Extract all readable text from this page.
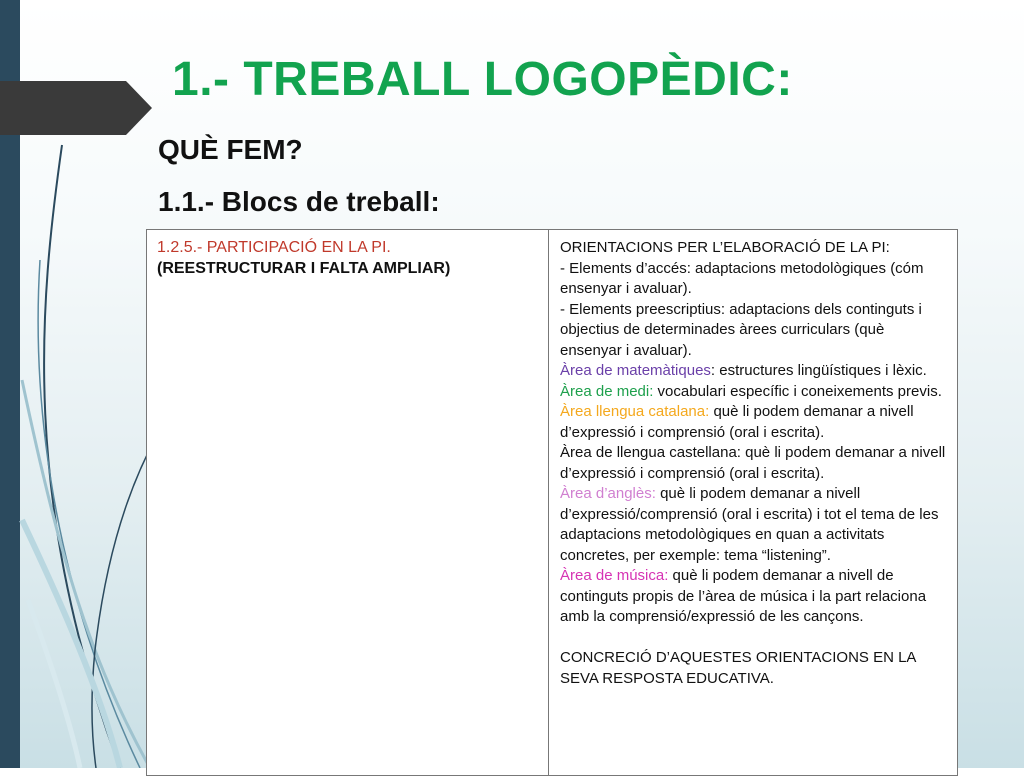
1.- TREBALL LOGOPÈDIC:
QUÈ FEM?
1.1.- Blocs de treball:
1.2.5.- PARTICIPACIÓ EN LA PI.
(REESTRUCTURAR I FALTA AMPLIAR)

ORIENTACIONS PER L’ELABORACIÓ DE LA PI:

- Elements d’accés: adaptacions metodològiques (cóm ensenyar i avaluar).

- Elements preescriptius: adaptacions dels continguts i objectius de determinades àrees curriculars (què ensenyar i avaluar).

Àrea de matemàtiques: estructures lingüístiques i lèxic.

Àrea de medi: vocabulari específic i coneixements previs.

Àrea llengua catalana: què li podem demanar a nivell d’expressió i comprensió (oral i escrita).

Àrea de llengua castellana: què li podem demanar a nivell d’expressió i comprensió (oral i escrita).

Àrea d’anglès: què li podem demanar a nivell d’expressió/comprensió (oral i escrita) i tot el tema de les adaptacions metodològiques en quan a activitats concretes, per exemple: tema “listening”.

Àrea de música: què li podem demanar a nivell de continguts propis de l’àrea de música i la part relaciona amb la comprensió/expressió de les cançons.

CONCRECIÓ D’AQUESTES ORIENTACIONS EN LA SEVA RESPOSTA EDUCATIVA.
